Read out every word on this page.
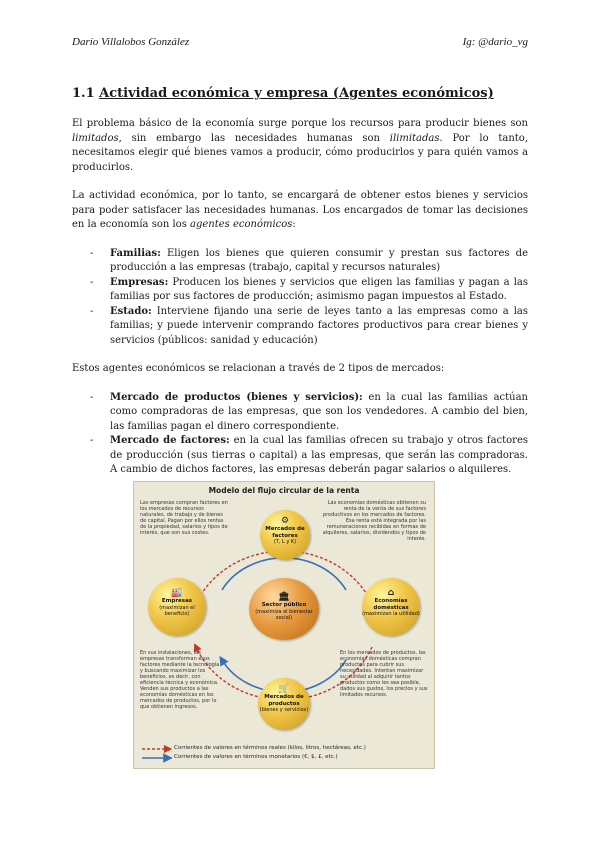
Darío Villalobos González	Ig: @dario_vg
1.1 Actividad económica y empresa (Agentes económicos)

El problema básico de la economía surge porque los recursos para producir bienes son limitados, sin embargo las necesidades humanas son ilimitadas. Por lo tanto, necesitamos elegir qué bienes vamos a producir, cómo producirlos y para quién vamos a producirlos.

La actividad económica, por lo tanto, se encargará de obtener estos bienes y servicios para poder satisfacer las necesidades humanas. Los encargados de tomar las decisiones en la economía son los agentes económicos:

- Familias: Eligen los bienes que quieren consumir y prestan sus factores de producción a las empresas (trabajo, capital y recursos naturales)
- Empresas: Producen los bienes y servicios que eligen las familias y pagan a las familias por sus factores de producción; asimismo pagan impuestos al Estado.
- Estado: Interviene fijando una serie de leyes tanto a las empresas como a las familias; y puede intervenir comprando factores productivos para crear bienes y servicios (públicos: sanidad y educación)

Estos agentes económicos se relacionan a través de 2 tipos de mercados:

- Mercado de productos (bienes y servicios): en la cual las familias actúan como compradoras de las empresas, que son los vendedores. A cambio del bien, las familias pagan el dinero correspondiente.
- Mercado de factores: en la cual las familias ofrecen su trabajo y otros factores de producción (sus tierras o capital) a las empresas, que serán las compradoras. A cambio de dichos factores, las empresas deberán pagar salarios o alquileres.
Modelo del flujo circular de la renta
Las empresas compran factores en los mercados de recursos naturales, de trabajo y de bienes de capital. Pagan por ellos rentas de la propiedad, salarios y tipos de interés, que son sus costes.
Las economías domésticas obtienen su renta de la venta de sus factores productivos en los mercados de factores. Esa renta está integrada por las remuneraciones recibidas en formas de alquileres, salarios, dividendos y tipos de interés.
En sus instalaciones, las empresas transforman esos factores mediante la tecnología y buscando maximizar los beneficios, es decir, con eficiencia técnica y económica. Venden sus productos a las economías domésticas en los mercados de productos, por lo que obtienen ingresos.
En los mercados de productos, las economías domésticas compran productos para cubrir sus necesidades. Intentan maximizar su utilidad al adquirir tantos productos como les sea posible, dados sus gustos, los precios y sus limitados recursos.
⚙
Mercados de factores
(T, L y K)
🏭
Empresas
(maximizan el beneficio)
🏛
Sector público
(maximiza el bienestar social)
⌂
Economías domésticas
(maximizan la utilidad)
🛒
Mercados de productos
(bienes y servicios)
Corrientes de valores en términos reales (kilos, litros, hectáreas, etc.)
Corrientes de valores en términos monetarios (€, $, £, etc.)
